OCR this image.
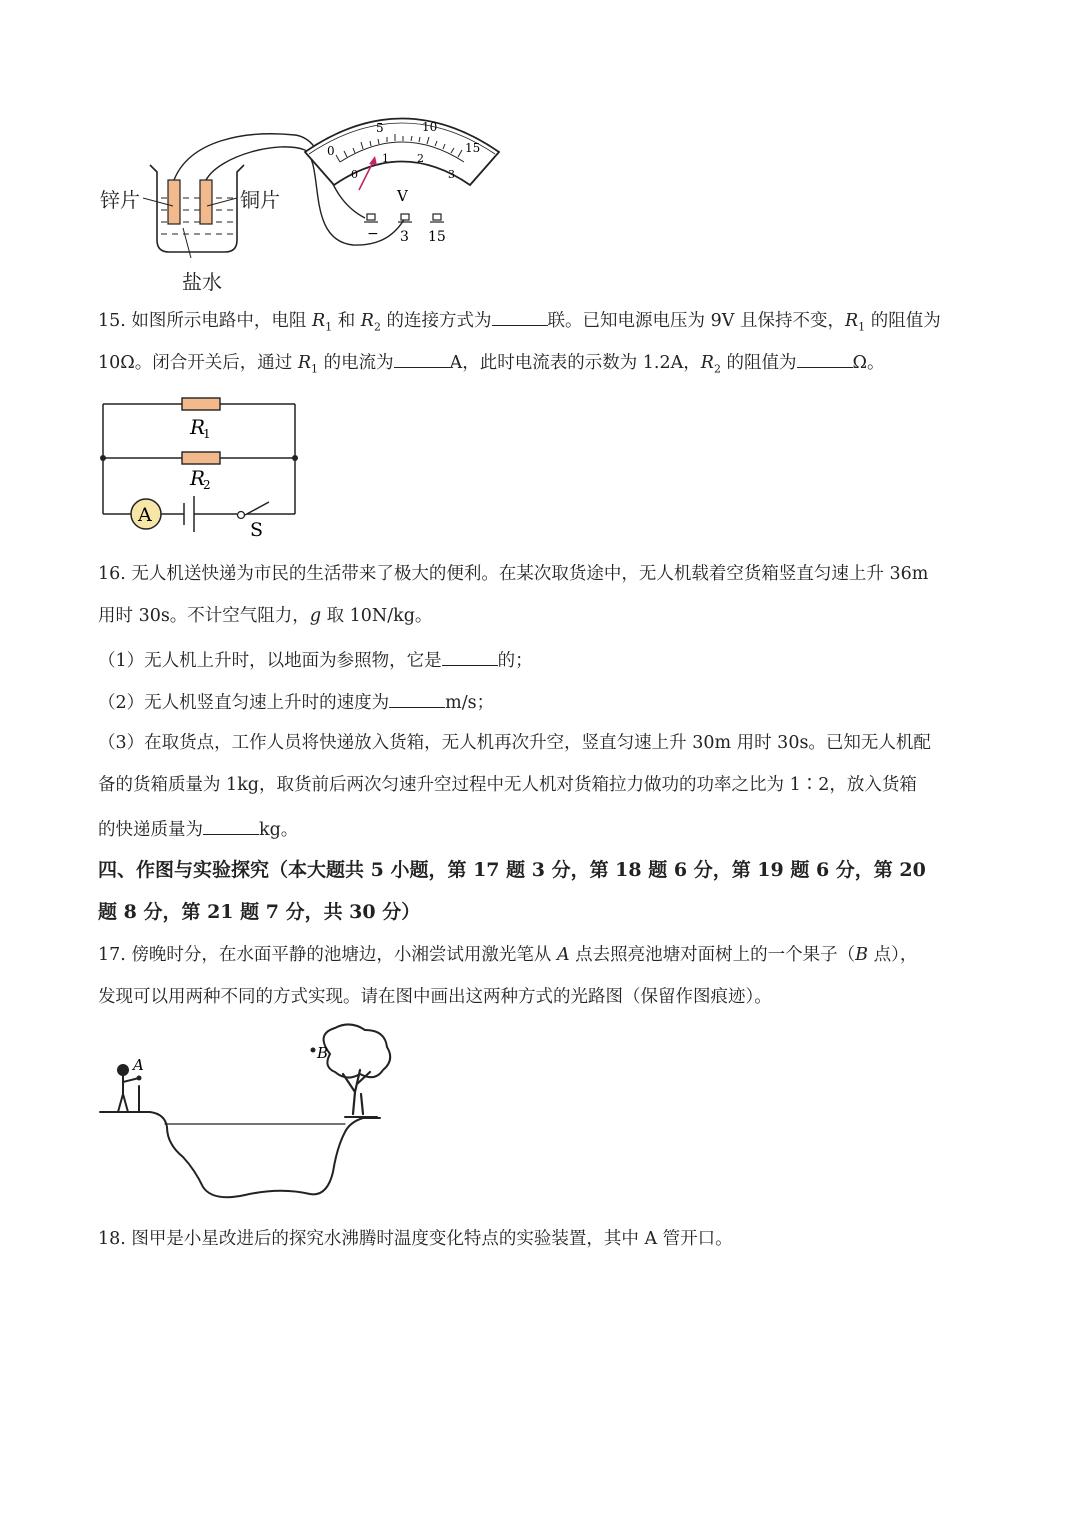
0
5	10
15
0
1	2
3
V
− 3 15
锌片	铜片
盐水
15. 如图所示电路中，电阻 $R_1$ 和 $R_2$ 的连接方式为	联。已知电源电压为 9V 且保持不变，$R_1$ 的阻值为
10Ω。闭合开关后，通过 $R_1$ 的电流为	A，此时电流表的示数为 1.2A，$R_2$ 的阻值为	Ω。
A
R
1
R
2
S
16. 无人机送快递为市民的生活带来了极大的便利。在某次取货途中，无人机载着空货箱竖直匀速上升 36m
用时 30s。不计空气阻力，g 取 10N/kg。
（1）无人机上升时，以地面为参照物，它是	的；
（2）无人机竖直匀速上升时的速度为	m/s；
（3）在取货点，工作人员将快递放入货箱，无人机再次升空，竖直匀速上升 30m 用时 30s。已知无人机配
备的货箱质量为 1kg，取货前后两次匀速升空过程中无人机对货箱拉力做功的功率之比为 1∶2，放入货箱
的快递质量为	kg。
四、作图与实验探究（本大题共 5 小题，第 17 题 3 分，第 18 题 6 分，第 19 题 6 分，第 20
题 8 分，第 21 题 7 分，共 30 分）
17. 傍晚时分，在水面平静的池塘边，小湘尝试用激光笔从 A 点去照亮池塘对面树上的一个果子（B 点），
发现可以用两种不同的方式实现。请在图中画出这两种方式的光路图（保留作图痕迹）。
B
A
18. 图甲是小星改进后的探究水沸腾时温度变化特点的实验装置，其中 A 管开口。
